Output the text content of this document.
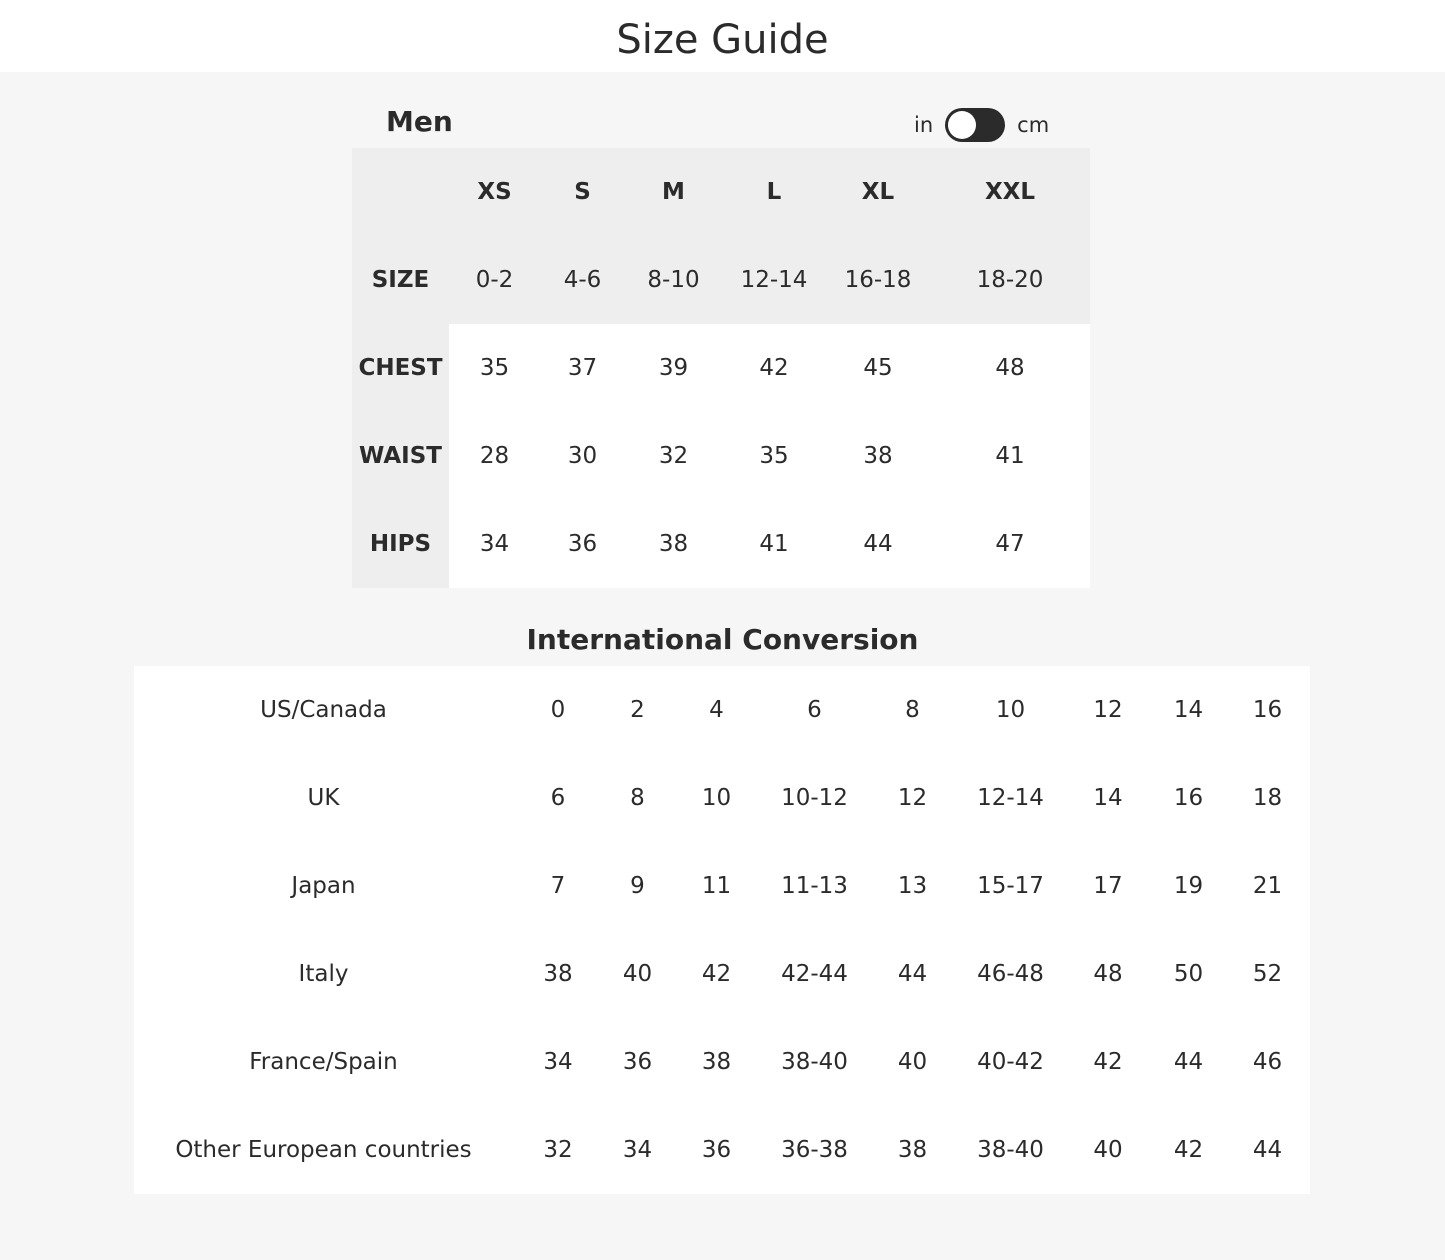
Size Guide
Men	in	cm
	XS	S	M	L	XL	XXL
SIZE	0-2	4-6	8-10	12-14	16-18	18-20
CHEST	35	37	39	42	45	48
WAIST	28	30	32	35	38	41
HIPS	34	36	38	41	44	47
International Conversion
US/Canada	0	2	4	6	8	10	12	14	16
UK	6	8	10	10-12	12	12-14	14	16	18
Japan	7	9	11	11-13	13	15-17	17	19	21
Italy	38	40	42	42-44	44	46-48	48	50	52
France/Spain	34	36	38	38-40	40	40-42	42	44	46
Other European countries	32	34	36	36-38	38	38-40	40	42	44
